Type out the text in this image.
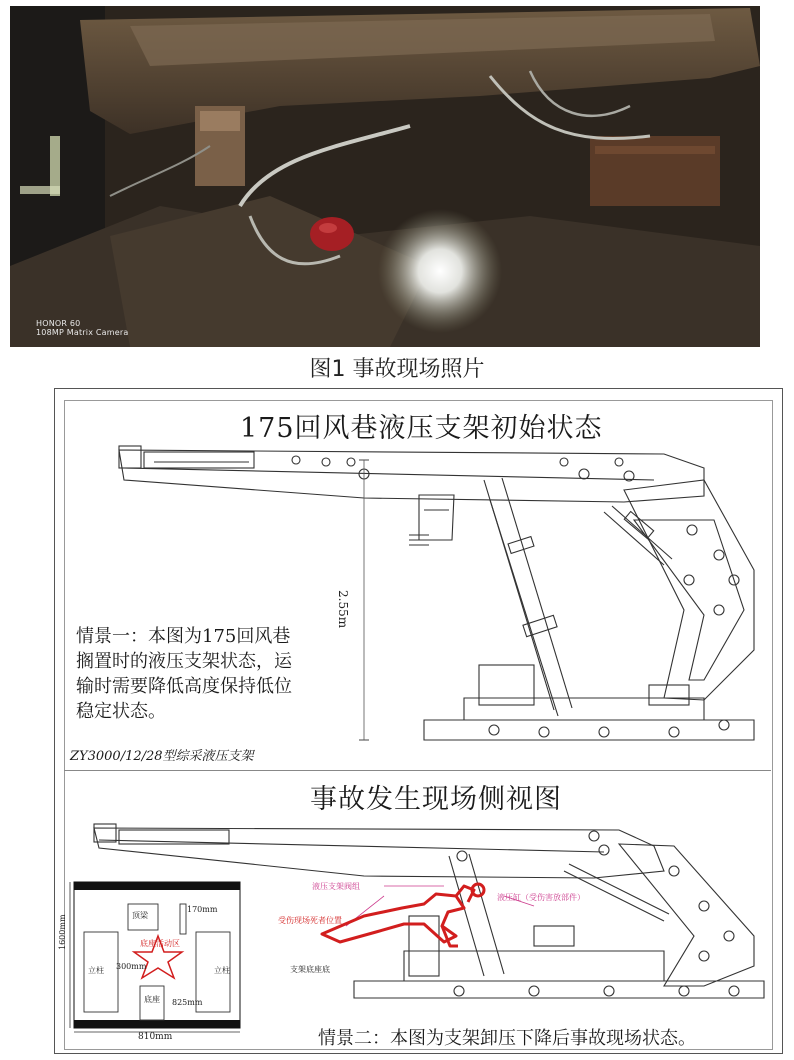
HONOR 60
108MP Matrix Camera
图1 事故现场照片
175回风巷液压支架初始状态
2.55m
情景一：本图为175回风巷搁置时的液压支架状态，运输时需要降低高度保持低位稳定状态。
ZY3000/12/28型综采液压支架
事故发生现场侧视图
液压支架阀组
受伤现场死者位置
液压缸（受伤害放部件）
支架底座底
810mm
1600mm
170mm
300mm
825mm
顶梁
立柱	立柱
底座活动区
底座
情景二：本图为支架卸压下降后事故现场状态。
